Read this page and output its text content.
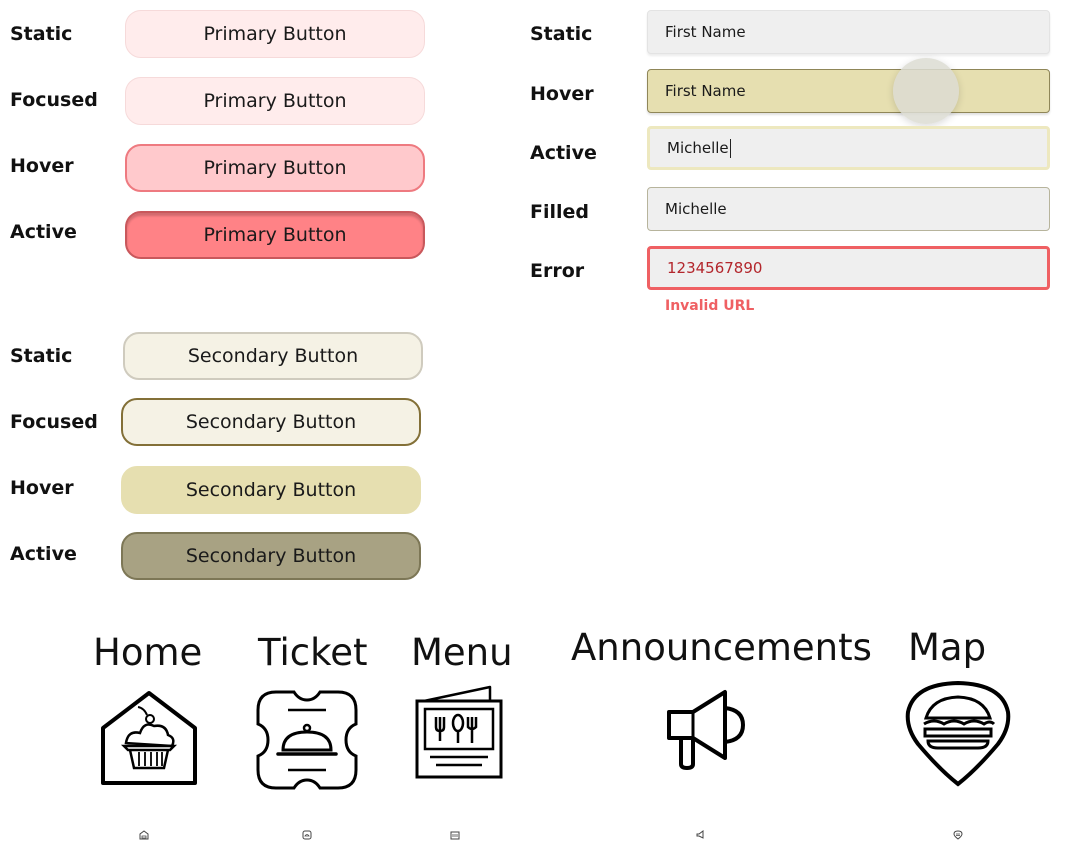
Static	Primary Button
Focused	Primary Button
Hover	Primary Button
Active	Primary Button
Static	Secondary Button
Focused	Secondary Button
Hover	Secondary Button
Active	Secondary Button
Static	First Name
Hover	First Name
Active	Michelle
Filled	Michelle
Error	1234567890
Invalid URL
Home Ticket Menu Announcements Map
